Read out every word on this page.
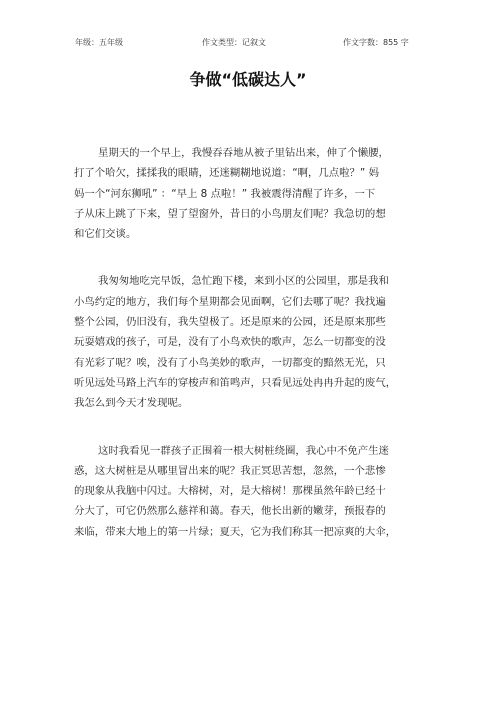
年级：五年级	作文类型：记叙文	作文字数：855 字
争做“低碳达人”

星期天的一个早上，我慢吞吞地从被子里钻出来，伸了个懒腰，
打了个哈欠，揉揉我的眼睛，还迷糊糊地说道：“啊，几点啦？” 妈
妈一个“河东狮吼” ：“早上 8 点啦！” 我被震得清醒了许多，一下
子从床上跳了下来，望了望窗外，昔日的小鸟朋友们呢？我急切的想
和它们交谈。

我匆匆地吃完早饭，急忙跑下楼，来到小区的公园里，那是我和
小鸟约定的地方，我们每个星期都会见面啊，它们去哪了呢？我找遍
整个公园，仍旧没有，我失望极了。还是原来的公园，还是原来那些
玩耍嬉戏的孩子，可是，没有了小鸟欢快的歌声，怎么一切都变的没
有光彩了呢？唉，没有了小鸟美妙的歌声，一切都变的黯然无光，只
听见远处马路上汽车的穿梭声和笛鸣声，只看见远处冉冉升起的废气，
我怎么到今天才发现呢。

这时我看见一群孩子正围着一根大树桩绕圈，我心中不免产生迷
惑，这大树桩是从哪里冒出来的呢？我正冥思苦想，忽然，一个悲惨
的现象从我脑中闪过。大榕树，对，是大榕树！那棵虽然年龄已经十
分大了，可它仍然那么慈祥和蔼。春天，他长出新的嫩芽，预报春的
来临，带来大地上的第一片绿；夏天，它为我们称其一把凉爽的大伞，
